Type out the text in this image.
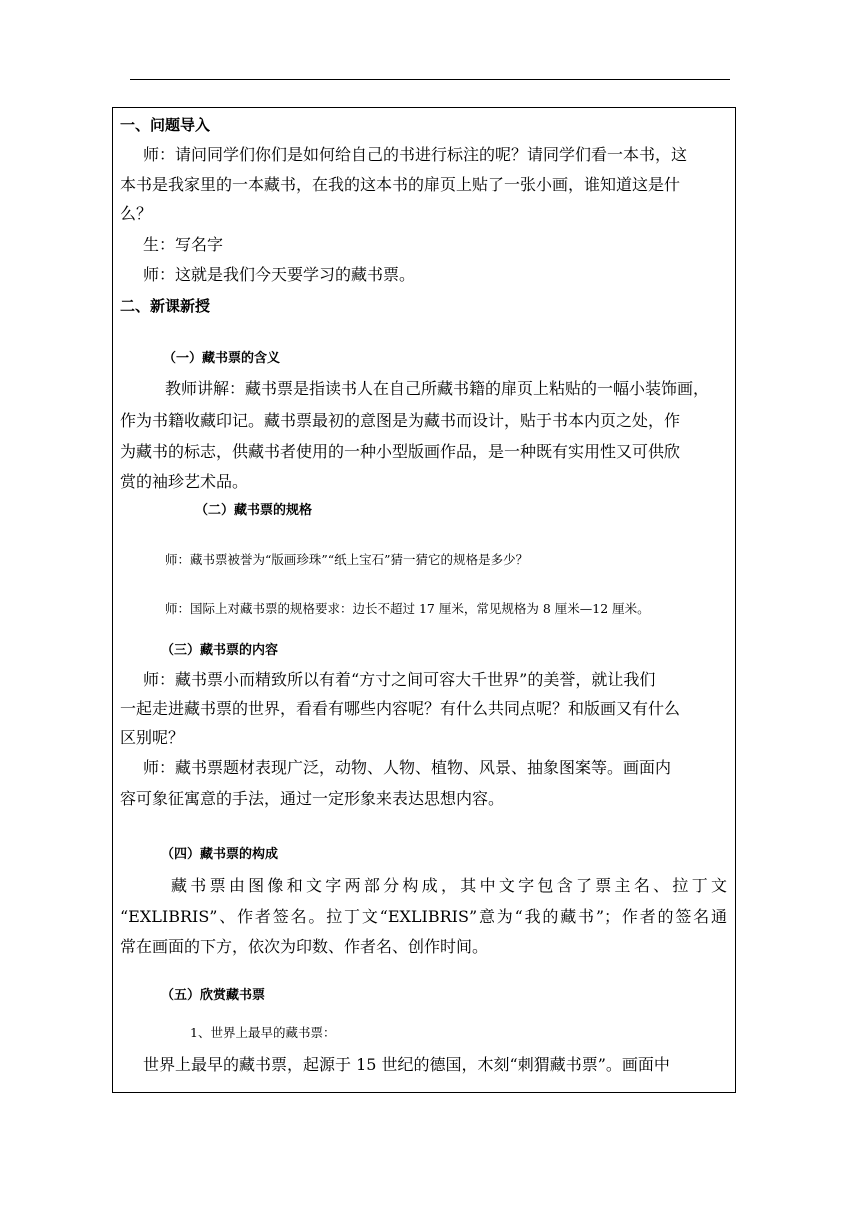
一、问题导入
师：请问同学们你们是如何给自己的书进行标注的呢？请同学们看一本书，这
本书是我家里的一本藏书，在我的这本书的扉页上贴了一张小画，谁知道这是什
么？
生：写名字
师：这就是我们今天要学习的藏书票。
二、新课新授
（一）藏书票的含义
教师讲解：藏书票是指读书人在自己所藏书籍的扉页上粘贴的一幅小装饰画，
作为书籍收藏印记。藏书票最初的意图是为藏书而设计，贴于书本内页之处，作
为藏书的标志，供藏书者使用的一种小型版画作品，是一种既有实用性又可供欣
赏的袖珍艺术品。
（二）藏书票的规格
师：藏书票被誉为“版画珍珠”“纸上宝石”猜一猜它的规格是多少？
师：国际上对藏书票的规格要求：边长不超过 17 厘米，常见规格为 8 厘米—12 厘米。
（三）藏书票的内容
师：藏书票小而精致所以有着“方寸之间可容大千世界”的美誉，就让我们
一起走进藏书票的世界，看看有哪些内容呢？有什么共同点呢？和版画又有什么
区别呢？
师：藏书票题材表现广泛，动物、人物、植物、风景、抽象图案等。画面内
容可象征寓意的手法，通过一定形象来表达思想内容。
（四）藏书票的构成
藏书票由图像和文字两部分构成，其中文字包含了票主名、拉丁文
“EXLIBRIS”、作者签名。拉丁文“EXLIBRIS”意为“我的藏书”；作者的签名通
常在画面的下方，依次为印数、作者名、创作时间。
（五）欣赏藏书票
1、世界上最早的藏书票：
世界上最早的藏书票，起源于 15 世纪的德国，木刻“刺猬藏书票”。画面中
